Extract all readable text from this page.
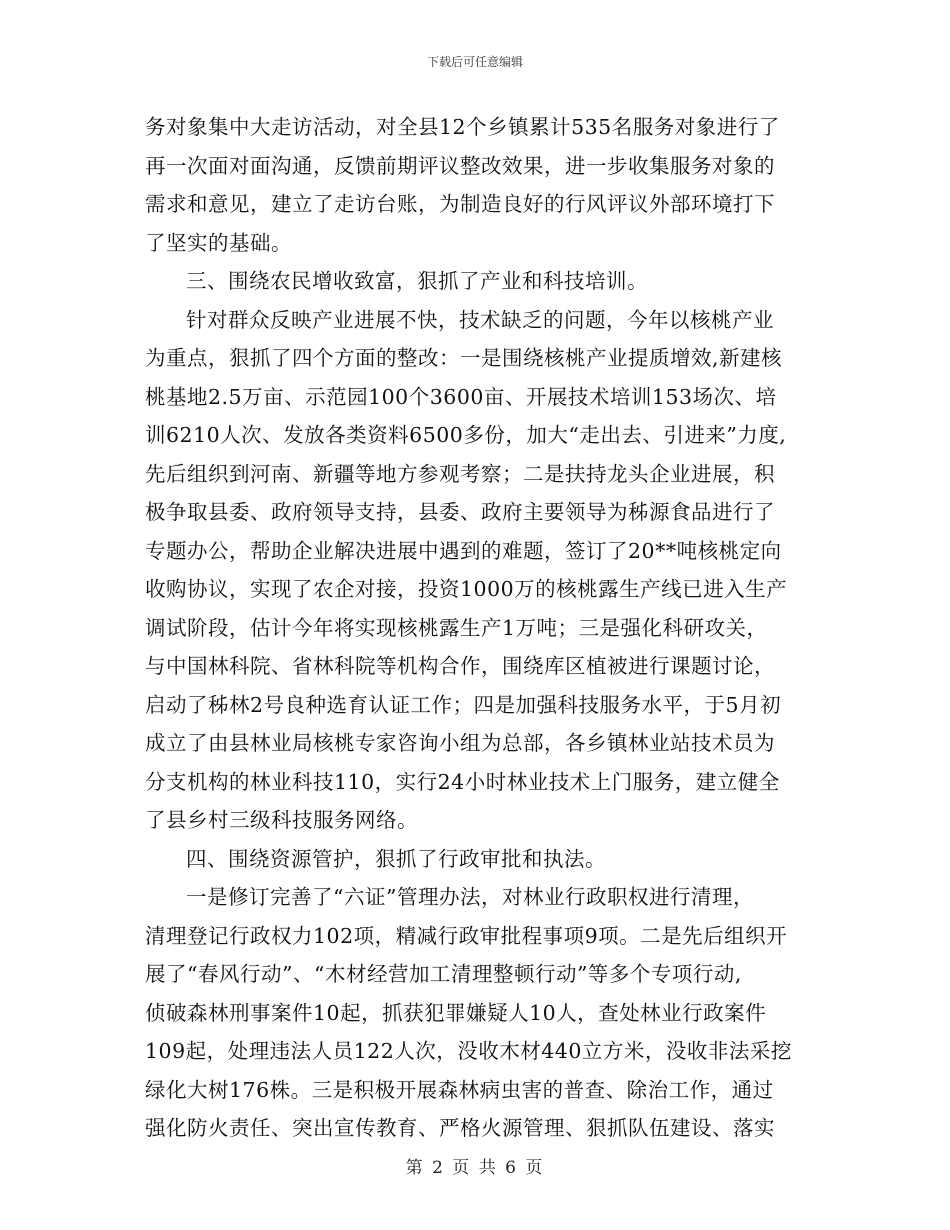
下载后可任意编辑
务对象集中大走访活动，对全县12个乡镇累计535名服务对象进行了
再一次面对面沟通，反馈前期评议整改效果，进一步收集服务对象的
需求和意见，建立了走访台账，为制造良好的行风评议外部环境打下
了坚实的基础。
三、围绕农民增收致富，狠抓了产业和科技培训。
针对群众反映产业进展不快，技术缺乏的问题，今年以核桃产业
为重点，狠抓了四个方面的整改：一是围绕核桃产业提质增效,新建核
桃基地2.5万亩、示范园100个3600亩、开展技术培训153场次、培
训6210人次、发放各类资料6500多份，加大“走出去、引进来”力度,
先后组织到河南、新疆等地方参观考察；二是扶持龙头企业进展，积
极争取县委、政府领导支持，县委、政府主要领导为秭源食品进行了
专题办公，帮助企业解决进展中遇到的难题，签订了20**吨核桃定向
收购协议，实现了农企对接，投资1000万的核桃露生产线已进入生产
调试阶段，估计今年将实现核桃露生产1万吨；三是强化科研攻关，
与中国林科院、省林科院等机构合作，围绕库区植被进行课题讨论，
启动了秭林2号良种选育认证工作；四是加强科技服务水平，于5月初
成立了由县林业局核桃专家咨询小组为总部，各乡镇林业站技术员为
分支机构的林业科技110，实行24小时林业技术上门服务，建立健全
了县乡村三级科技服务网络。
四、围绕资源管护，狠抓了行政审批和执法。
一是修订完善了“六证”管理办法，对林业行政职权进行清理，
清理登记行政权力102项，精减行政审批程事项9项。二是先后组织开
展了“春风行动”、“木材经营加工清理整顿行动”等多个专项行动,
侦破森林刑事案件10起，抓获犯罪嫌疑人10人，查处林业行政案件
109起，处理违法人员122人次，没收木材440立方米，没收非法采挖
绿化大树176株。三是积极开展森林病虫害的普查、除治工作，通过
强化防火责任、突出宣传教育、严格火源管理、狠抓队伍建设、落实
第 2 页 共 6 页
